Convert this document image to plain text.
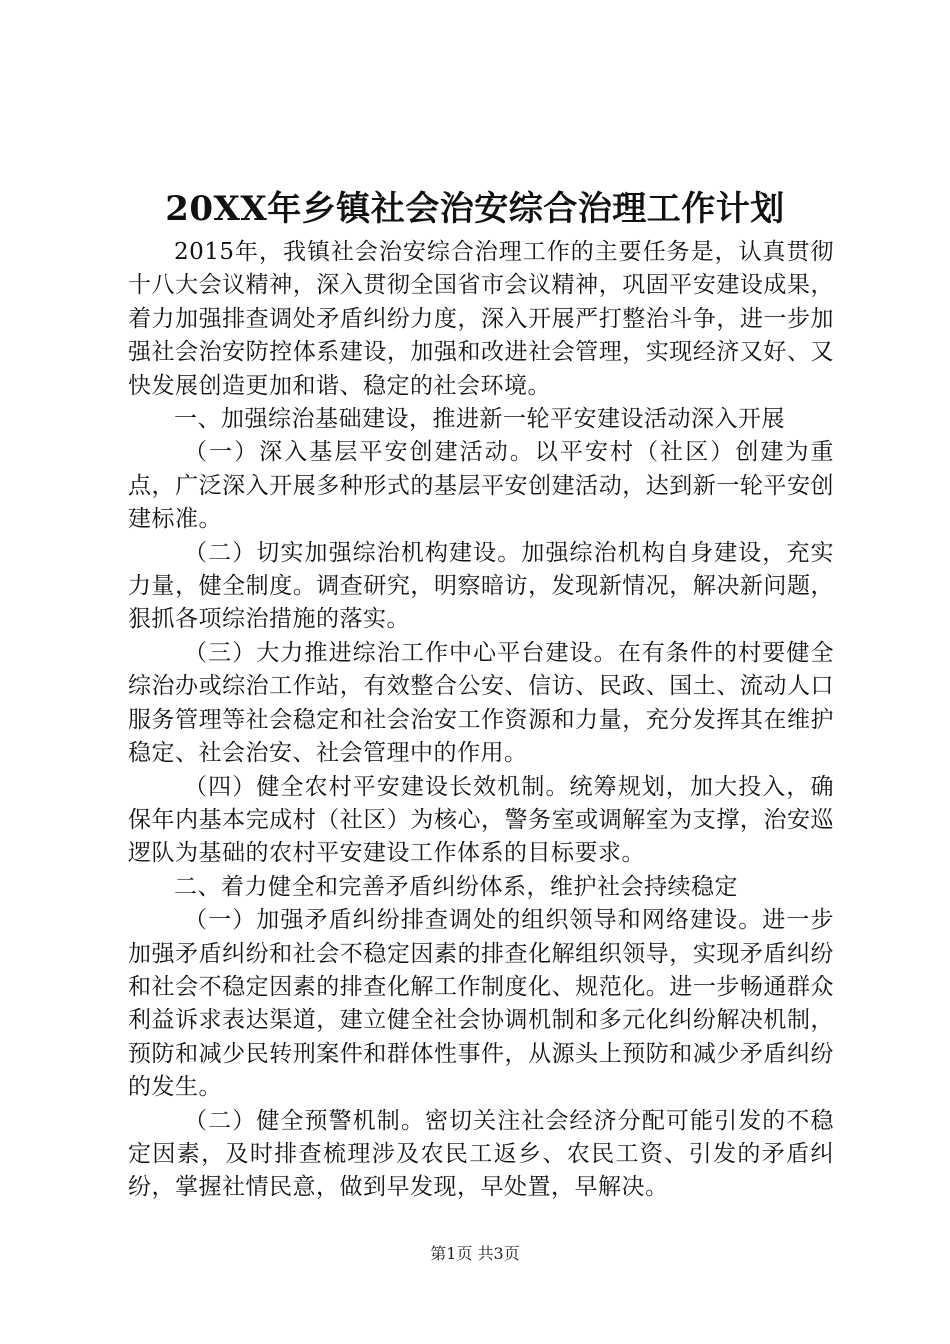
20XX年乡镇社会治安综合治理工作计划

2015年，我镇社会治安综合治理工作的主要任务是，认真贯彻十八大会议精神，深入贯彻全国省市会议精神，巩固平安建设成果，着力加强排查调处矛盾纠纷力度，深入开展严打整治斗争，进一步加强社会治安防控体系建设，加强和改进社会管理，实现经济又好、又快发展创造更加和谐、稳定的社会环境。

一、加强综治基础建设，推进新一轮平安建设活动深入开展

（一）深入基层平安创建活动。以平安村（社区）创建为重点，广泛深入开展多种形式的基层平安创建活动，达到新一轮平安创建标准。

（二）切实加强综治机构建设。加强综治机构自身建设，充实力量，健全制度。调查研究，明察暗访，发现新情况，解决新问题，狠抓各项综治措施的落实。

（三）大力推进综治工作中心平台建设。在有条件的村要健全综治办或综治工作站，有效整合公安、信访、民政、国土、流动人口服务管理等社会稳定和社会治安工作资源和力量，充分发挥其在维护稳定、社会治安、社会管理中的作用。

（四）健全农村平安建设长效机制。统筹规划，加大投入，确保年内基本完成村（社区）为核心，警务室或调解室为支撑，治安巡逻队为基础的农村平安建设工作体系的目标要求。

二、着力健全和完善矛盾纠纷体系，维护社会持续稳定

（一）加强矛盾纠纷排查调处的组织领导和网络建设。进一步加强矛盾纠纷和社会不稳定因素的排查化解组织领导，实现矛盾纠纷和社会不稳定因素的排查化解工作制度化、规范化。进一步畅通群众利益诉求表达渠道，建立健全社会协调机制和多元化纠纷解决机制，预防和减少民转刑案件和群体性事件，从源头上预防和减少矛盾纠纷的发生。

（二）健全预警机制。密切关注社会经济分配可能引发的不稳定因素，及时排查梳理涉及农民工返乡、农民工资、引发的矛盾纠纷，掌握社情民意，做到早发现，早处置，早解决。

第1页 共3页
